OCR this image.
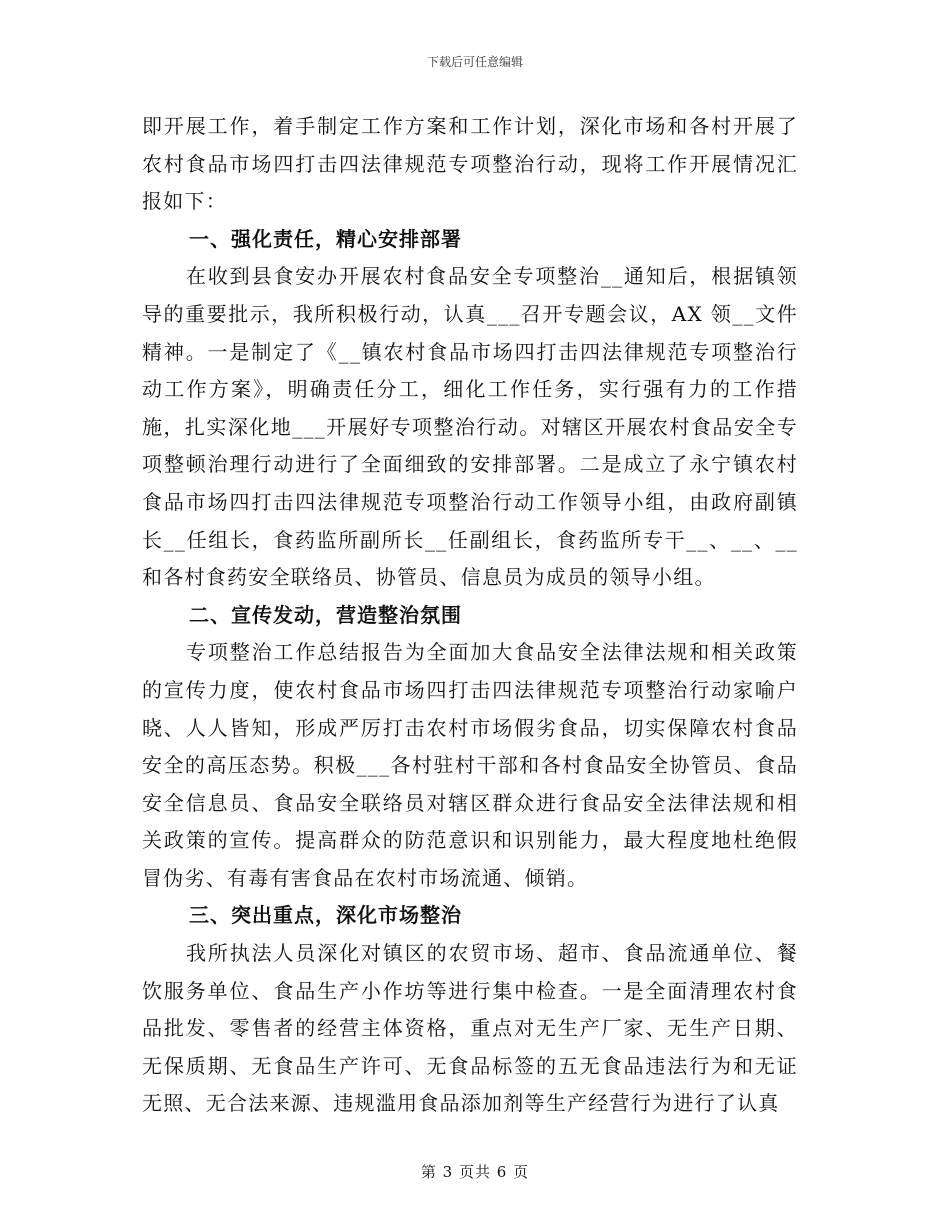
下载后可任意编辑

即开展工作，着手制定工作方案和工作计划，深化市场和各村开展了农村食品市场四打击四法律规范专项整治行动，现将工作开展情况汇报如下：

一、强化责任，精心安排部署

在收到县食安办开展农村食品安全专项整治__通知后，根据镇领导的重要批示，我所积极行动，认真___召开专题会议，AX 领__文件精神。一是制定了《__镇农村食品市场四打击四法律规范专项整治行动工作方案》，明确责任分工，细化工作任务，实行强有力的工作措施，扎实深化地___开展好专项整治行动。对辖区开展农村食品安全专项整顿治理行动进行了全面细致的安排部署。二是成立了永宁镇农村食品市场四打击四法律规范专项整治行动工作领导小组，由政府副镇长__任组长，食药监所副所长__任副组长，食药监所专干__、__、__和各村食药安全联络员、协管员、信息员为成员的领导小组。

二、宣传发动，营造整治氛围

专项整治工作总结报告为全面加大食品安全法律法规和相关政策的宣传力度，使农村食品市场四打击四法律规范专项整治行动家喻户晓、人人皆知，形成严厉打击农村市场假劣食品，切实保障农村食品安全的高压态势。积极___各村驻村干部和各村食品安全协管员、食品安全信息员、食品安全联络员对辖区群众进行食品安全法律法规和相关政策的宣传。提高群众的防范意识和识别能力，最大程度地杜绝假冒伪劣、有毒有害食品在农村市场流通、倾销。

三、突出重点，深化市场整治

我所执法人员深化对镇区的农贸市场、超市、食品流通单位、餐饮服务单位、食品生产小作坊等进行集中检查。一是全面清理农村食品批发、零售者的经营主体资格，重点对无生产厂家、无生产日期、无保质期、无食品生产许可、无食品标签的五无食品违法行为和无证无照、无合法来源、违规滥用食品添加剂等生产经营行为进行了认真

第 3 页共 6 页
